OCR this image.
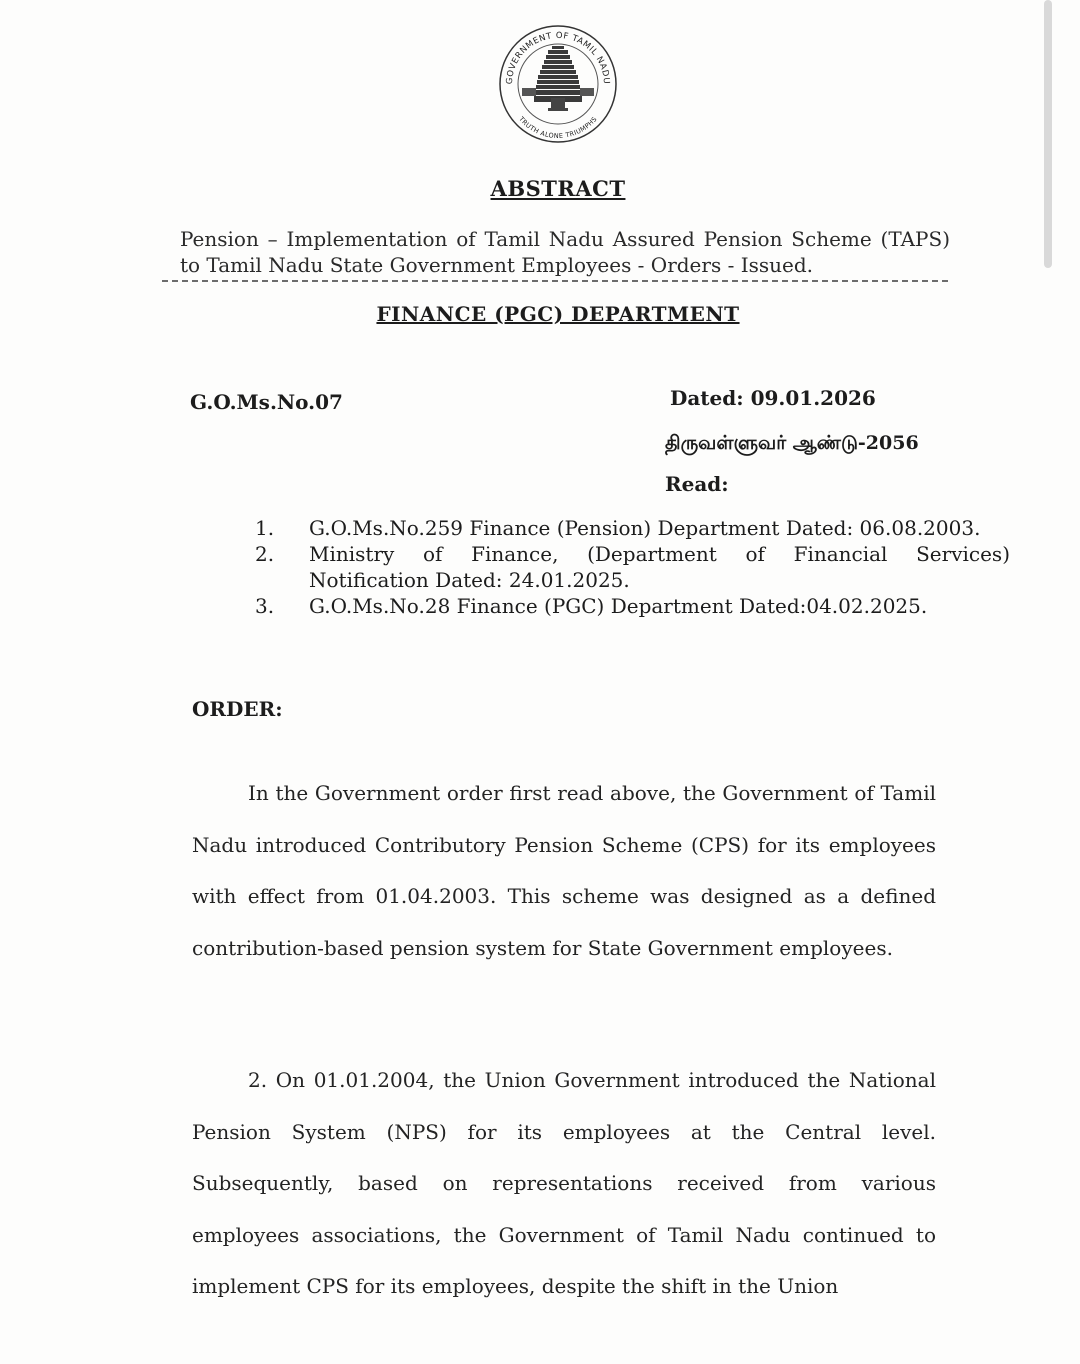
GOVERNMENT OF TAMIL NADU
TRUTH ALONE TRIUMPHS
ABSTRACT
Pension – Implementation of Tamil Nadu Assured Pension Scheme (TAPS) to Tamil Nadu State Government Employees - Orders - Issued.
FINANCE (PGC) DEPARTMENT
G.O.Ms.No.07	Dated: 09.01.2026
திருவள்ளுவர் ஆண்டு-2056
Read:
1.	G.O.Ms.No.259 Finance (Pension) Department Dated: 06.08.2003.
2.	Ministry of Finance, (Department of Financial Services)
Notification Dated: 24.01.2025.
3.	G.O.Ms.No.28 Finance (PGC) Department Dated:04.02.2025.
ORDER:

In the Government order first read above, the Government of Tamil Nadu introduced Contributory Pension Scheme (CPS) for its employees with effect from 01.04.2003. This scheme was designed as a defined contribution-based pension system for State Government employees.

2. On 01.01.2004, the Union Government introduced the National Pension System (NPS) for its employees at the Central level. Subsequently, based on representations received from various employees associations, the Government of Tamil Nadu continued to implement CPS for its employees, despite the shift in the Union
